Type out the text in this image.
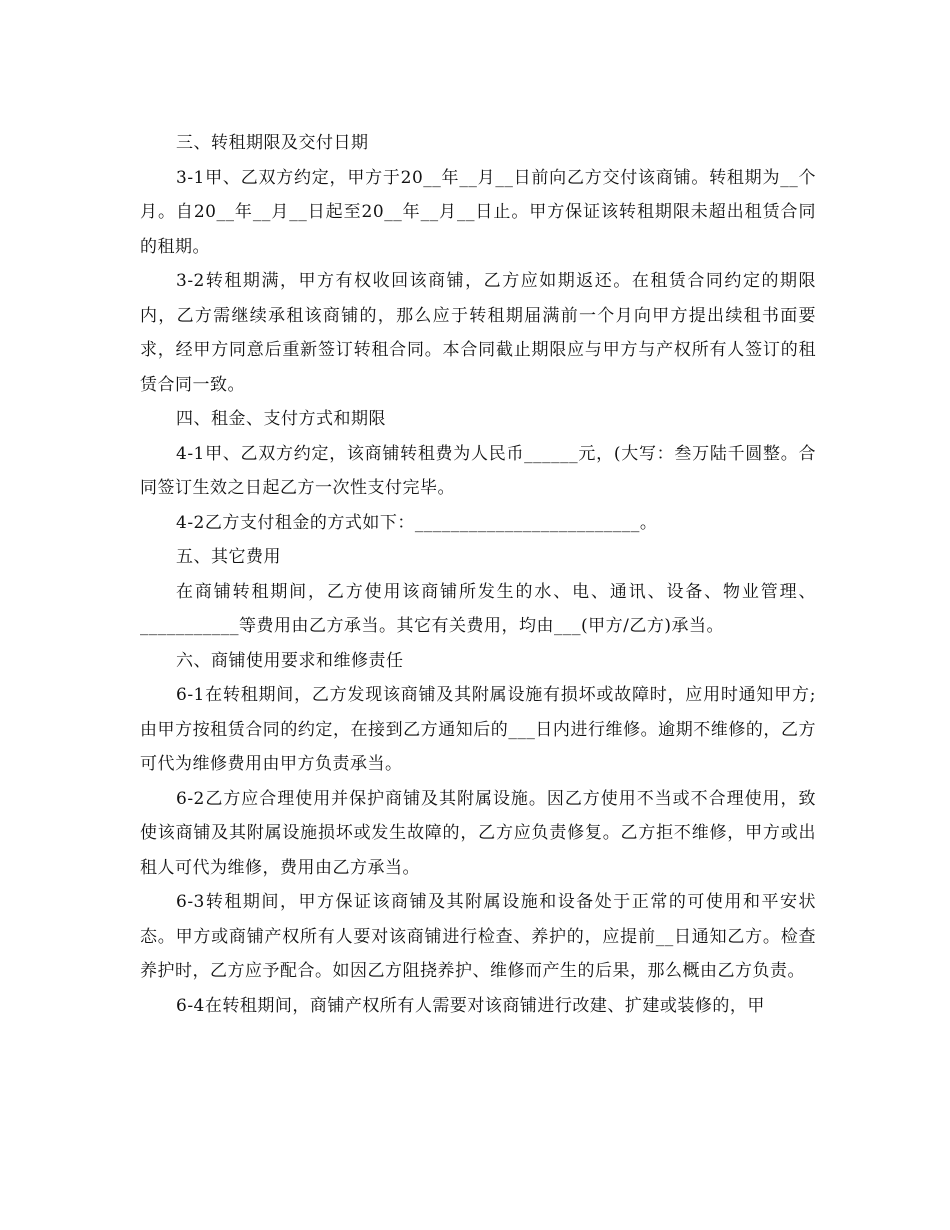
三、转租期限及交付日期

3-1甲、乙双方约定，甲方于20__年__月__日前向乙方交付该商铺。转租期为__个月。自20__年__月__日起至20__年__月__日止。甲方保证该转租期限未超出租赁合同的租期。

3-2转租期满，甲方有权收回该商铺，乙方应如期返还。在租赁合同约定的期限内，乙方需继续承租该商铺的，那么应于转租期届满前一个月向甲方提出续租书面要求，经甲方同意后重新签订转租合同。本合同截止期限应与甲方与产权所有人签订的租赁合同一致。

四、租金、支付方式和期限

4-1甲、乙双方约定，该商铺转租费为人民币______元，(大写：叁万陆千圆整。合同签订生效之日起乙方一次性支付完毕。

4-2乙方支付租金的方式如下：_________________________。

五、其它费用

在商铺转租期间，乙方使用该商铺所发生的水、电、通讯、设备、物业管理、___________等费用由乙方承当。其它有关费用，均由___(甲方/乙方)承当。

六、商铺使用要求和维修责任

6-1在转租期间，乙方发现该商铺及其附属设施有损坏或故障时，应用时通知甲方;由甲方按租赁合同的约定，在接到乙方通知后的___日内进行维修。逾期不维修的，乙方可代为维修费用由甲方负责承当。

6-2乙方应合理使用并保护商铺及其附属设施。因乙方使用不当或不合理使用，致使该商铺及其附属设施损坏或发生故障的，乙方应负责修复。乙方拒不维修，甲方或出租人可代为维修，费用由乙方承当。

6-3转租期间，甲方保证该商铺及其附属设施和设备处于正常的可使用和平安状态。甲方或商铺产权所有人要对该商铺进行检查、养护的，应提前__日通知乙方。检查养护时，乙方应予配合。如因乙方阻挠养护、维修而产生的后果，那么概由乙方负责。

6-4在转租期间，商铺产权所有人需要对该商铺进行改建、扩建或装修的，甲
